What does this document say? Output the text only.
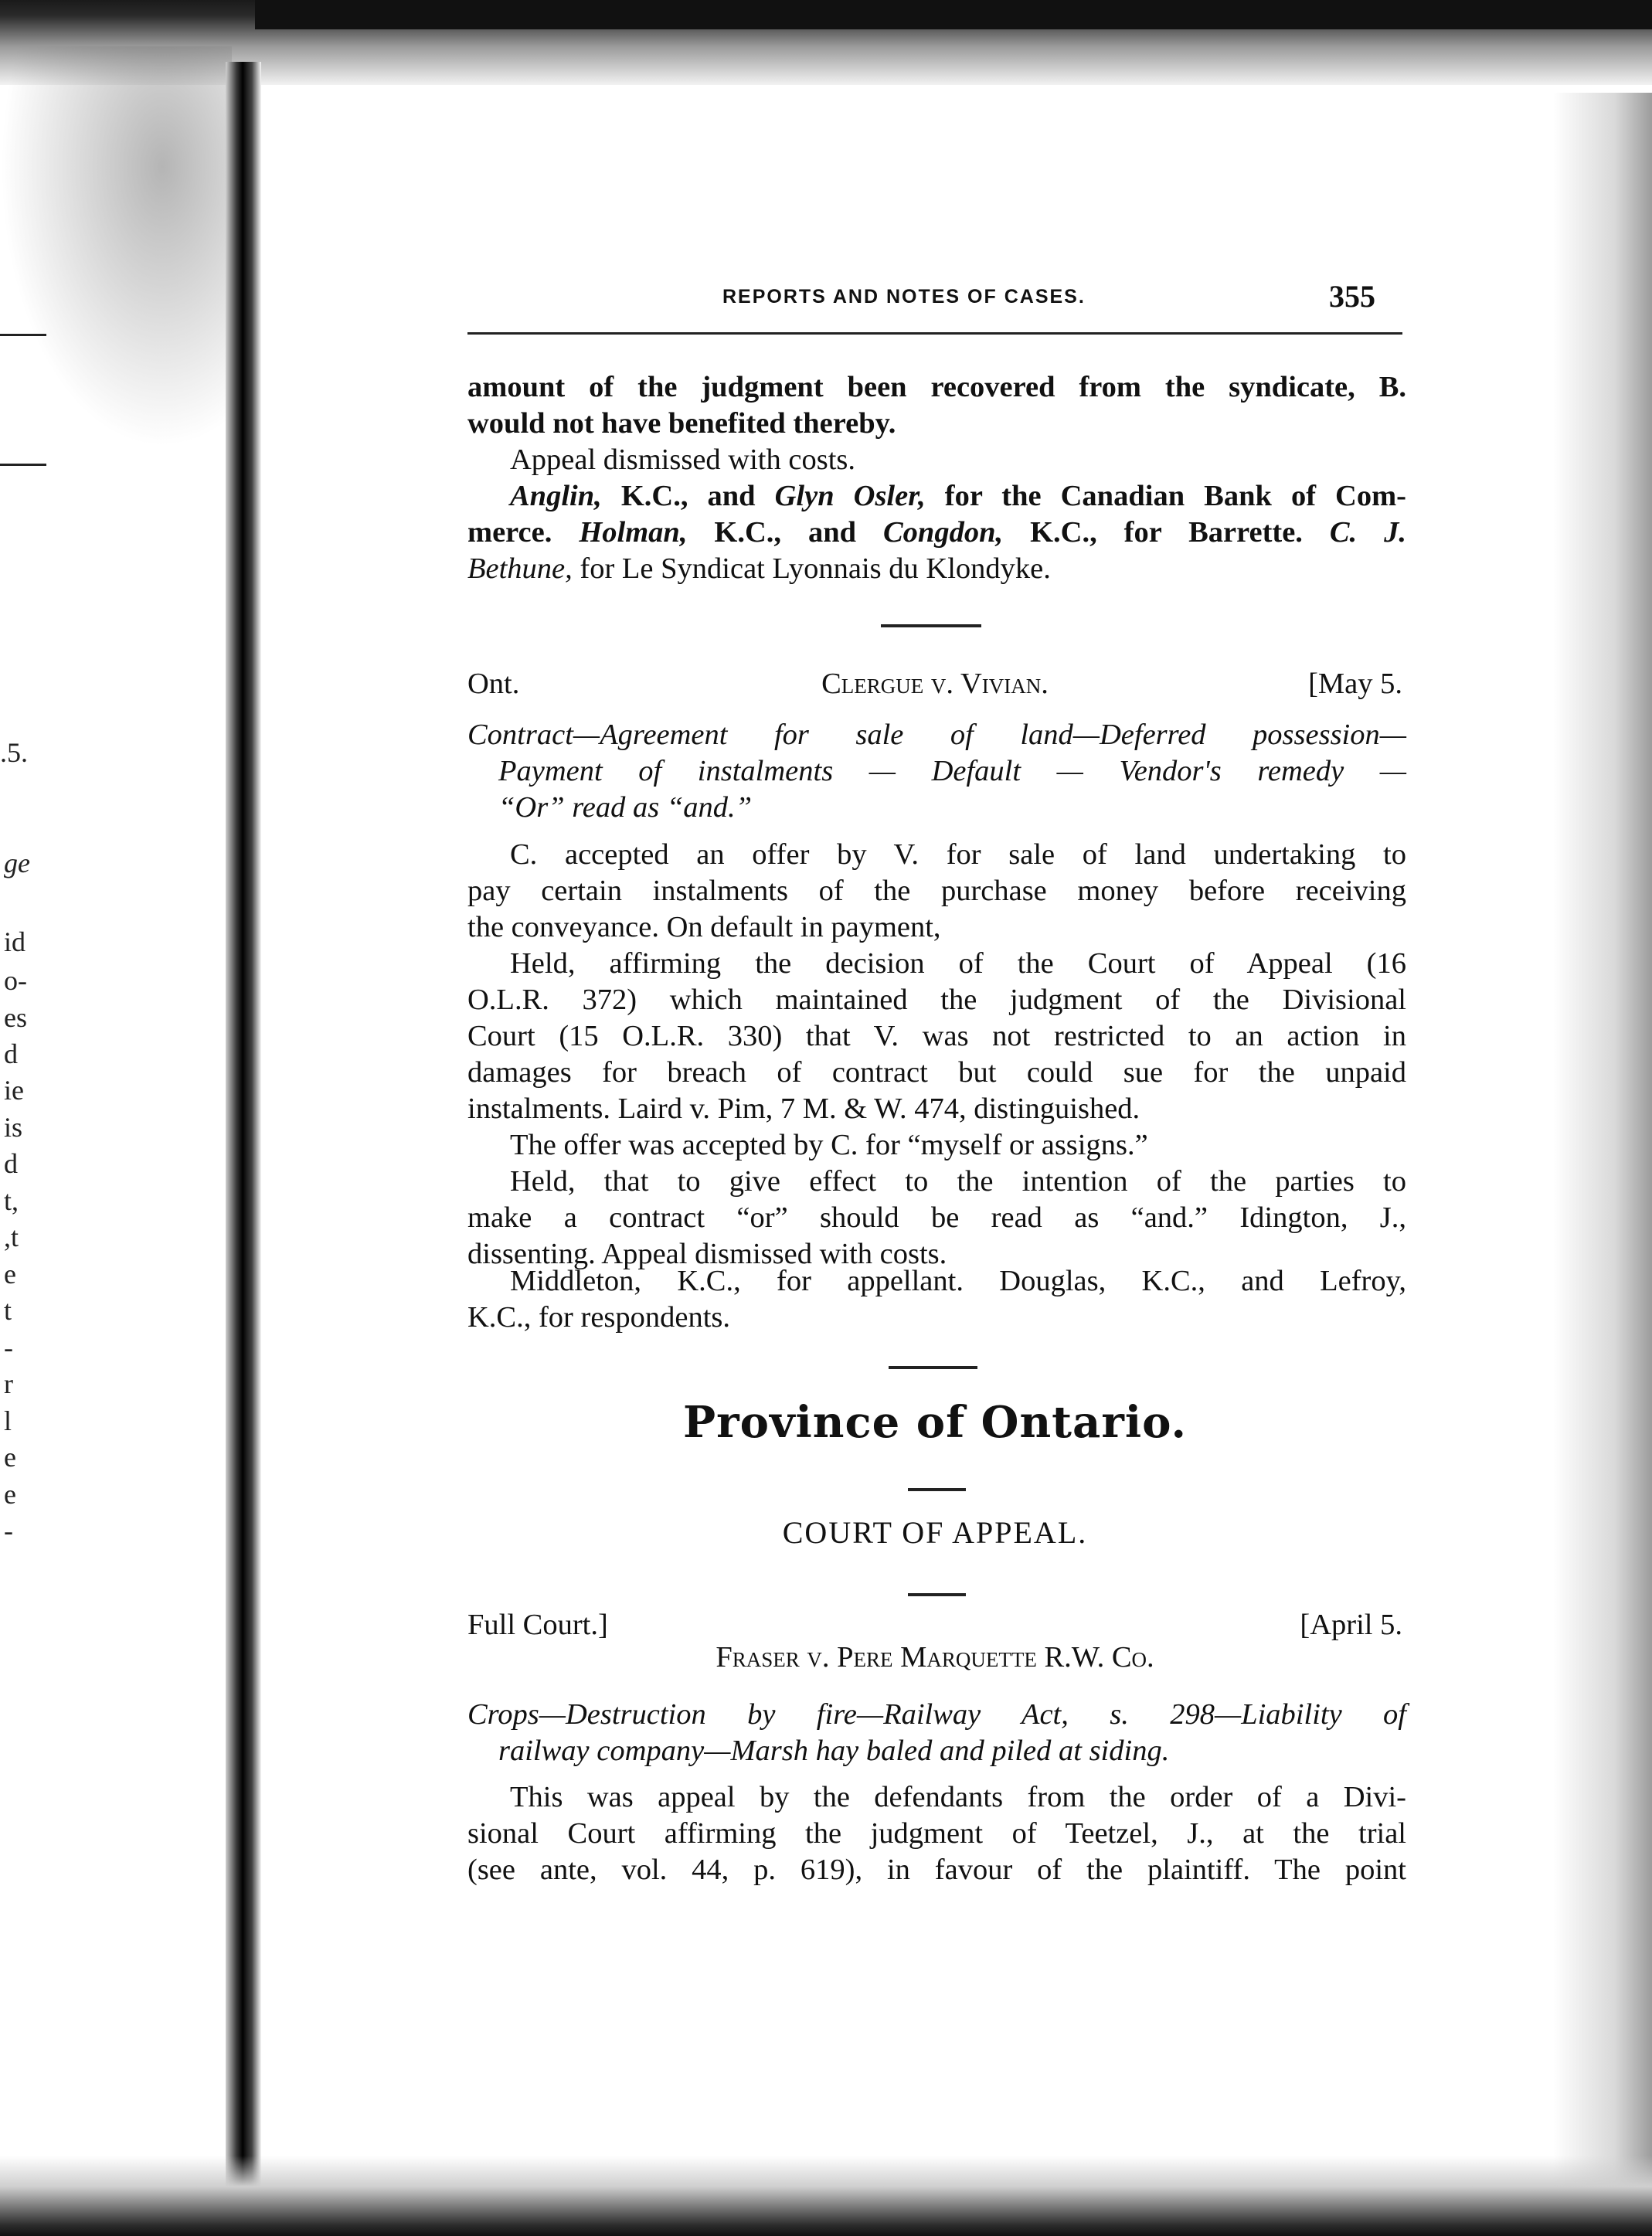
.5.
ge
id
o-
es
d
ie
is
d
t,
,t
e
t
-
r
l
e
e
-
REPORTS AND NOTES OF CASES.	355
amount of the judgment been recovered from the syndicate, B.
would not have benefited thereby.
Appeal dismissed with costs.
Anglin, K.C., and Glyn Osler, for the Canadian Bank of Com-
merce. Holman, K.C., and Congdon, K.C., for Barrette. C. J.
Bethune, for Le Syndicat Lyonnais du Klondyke.
Ont.	Clergue v. Vivian.	[May 5.
Contract—Agreement for sale of land—Deferred possession—
Payment of instalments — Default — Vendor's remedy —
“Or” read as “and.”
C. accepted an offer by V. for sale of land undertaking to
pay certain instalments of the purchase money before receiving
the conveyance. On default in payment,
Held, affirming the decision of the Court of Appeal (16
O.L.R. 372) which maintained the judgment of the Divisional
Court (15 O.L.R. 330) that V. was not restricted to an action in
damages for breach of contract but could sue for the unpaid
instalments. Laird v. Pim, 7 M. & W. 474, distinguished.
The offer was accepted by C. for “myself or assigns.”
Held, that to give effect to the intention of the parties to
make a contract “or” should be read as “and.” Idington, J.,
dissenting. Appeal dismissed with costs.
Middleton, K.C., for appellant. Douglas, K.C., and Lefroy,
K.C., for respondents.
Province of Ontario.
COURT OF APPEAL.
Full Court.]	[April 5.
Fraser v. Pere Marquette R.W. Co.
Crops—Destruction by fire—Railway Act, s. 298—Liability of
railway company—Marsh hay baled and piled at siding.
This was appeal by the defendants from the order of a Divi-
sional Court affirming the judgment of Teetzel, J., at the trial
(see ante, vol. 44, p. 619), in favour of the plaintiff. The point
